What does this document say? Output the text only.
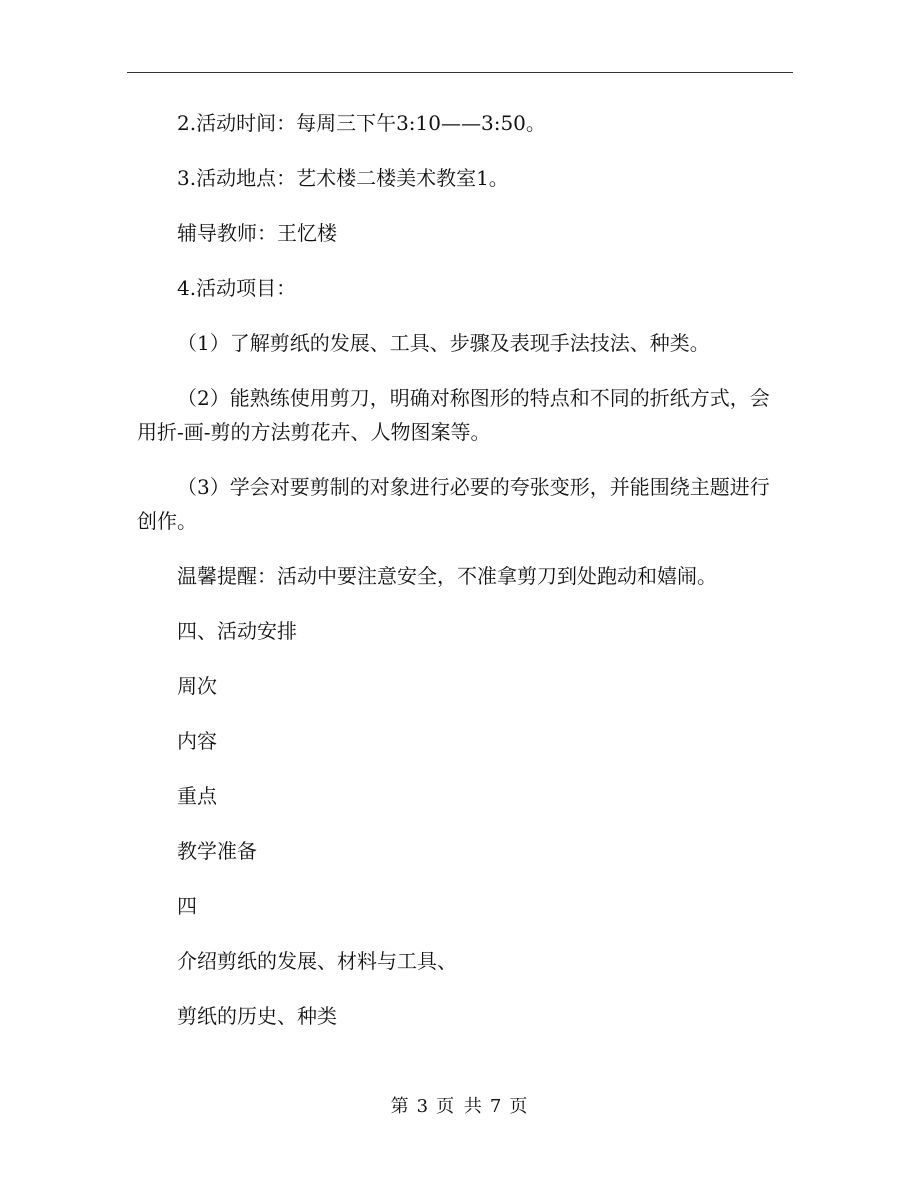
2.活动时间：每周三下午3:10——3:50。

3.活动地点：艺术楼二楼美术教室1。

辅导教师：王忆楼

4.活动项目：

（1）了解剪纸的发展、工具、步骤及表现手法技法、种类。

（2）能熟练使用剪刀，明确对称图形的特点和不同的折纸方式，会用折-画-剪的方法剪花卉、人物图案等。

（3）学会对要剪制的对象进行必要的夸张变形，并能围绕主题进行创作。

温馨提醒：活动中要注意安全，不准拿剪刀到处跑动和嬉闹。

四、活动安排

周次

内容

重点

教学准备

四

介绍剪纸的发展、材料与工具、

剪纸的历史、种类

第 3 页 共 7 页
